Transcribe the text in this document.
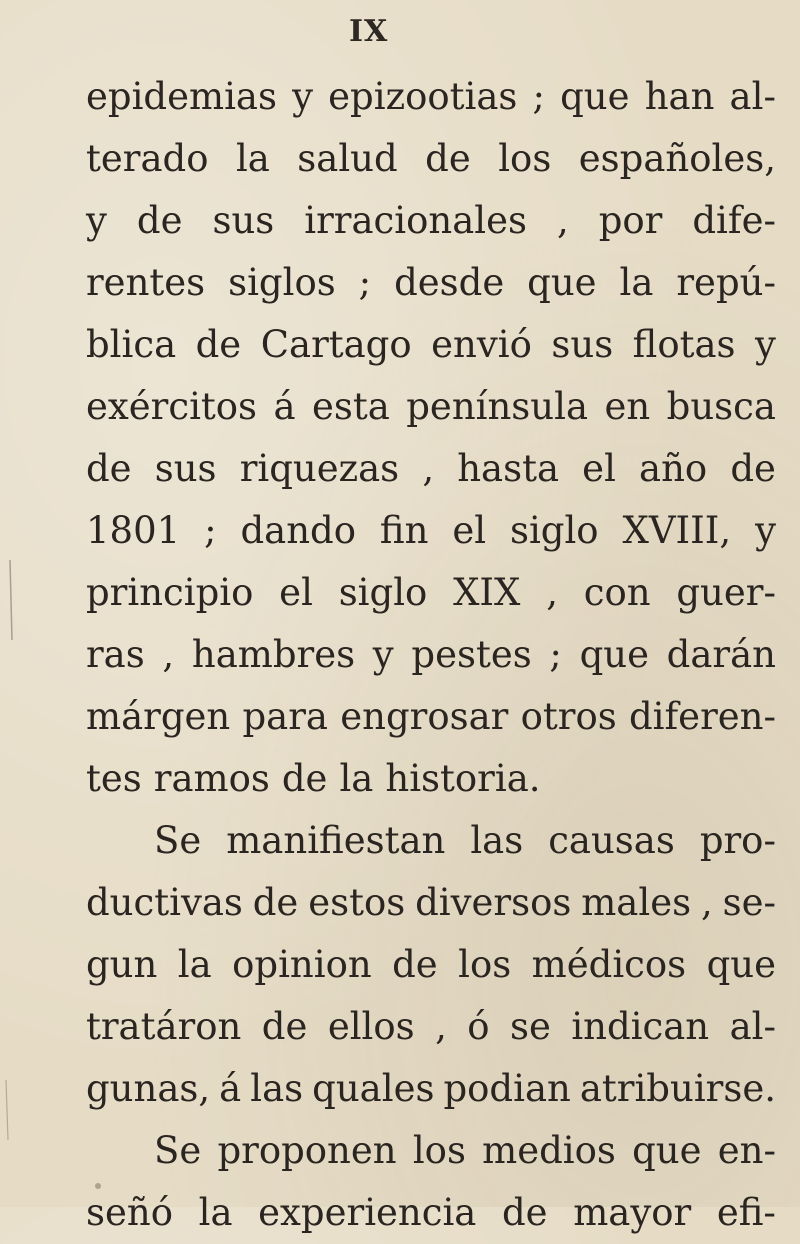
IX
epidemias y epizootias ; que han al-
terado la salud de los españoles,
y de sus irracionales , por dife-
rentes siglos ; desde que la repú-
blica de Cartago envió sus flotas y
exércitos á esta península en busca
de sus riquezas , hasta el año de
1801 ; dando fin el siglo XVIII, y
principio el siglo XIX , con guer-
ras , hambres y pestes ; que darán
márgen para engrosar otros diferen-
tes ramos de la historia.
Se manifiestan las causas pro-
ductivas de estos diversos males , se-
gun la opinion de los médicos que
tratáron de ellos , ó se indican al-
gunas, á las quales podian atribuirse.
Se proponen los medios que en-
señó la experiencia de mayor efi-
